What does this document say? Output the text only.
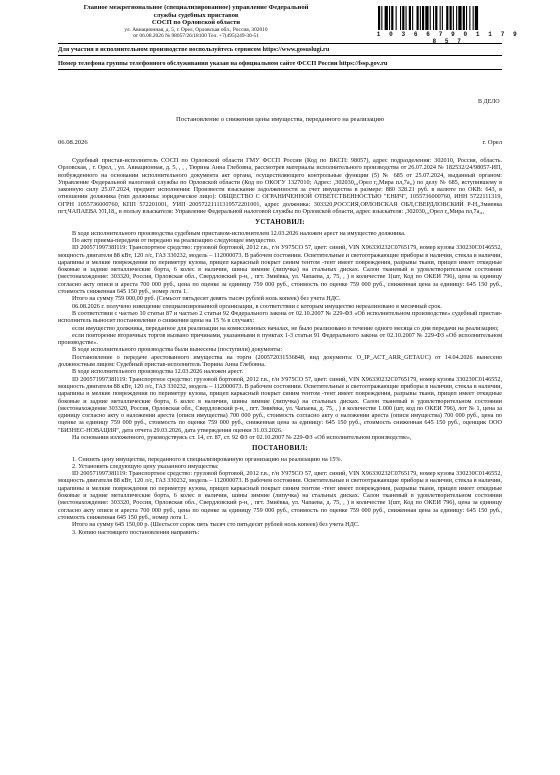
Главное межрегиональное (специализированное) управление Федеральной
службы судебных приставов
СОСП по Орловской области
ул. Авиационная, д. 5, г. Орел, Орловская обл., Россия, 302010
от 06.08.2026 № 98057/26/18100 Тел. +7(495)249-30-51	1 0 3 6 6 7 9 0 1 1 7 9 8 5 7
Для участия в исполнительном производстве воспользуйтесь сервисом https://www.gosuslugi.ru
Номер телефона группы телефонного обслуживания указан на официальном сайте ФССП России https://fssp.gov.ru
В ДЕЛО
Постановление о снижении цены имущества, переданного на реализацию
06.08.2026	г. Орел

Судебный пристав-исполнитель СОСП по Орловской области ГМУ ФССП России (Код по ВКСП: 98057), адрес подразделения: 302010, Россия, область. Орловская, , г. Орел, , ул. Авиационная, д. 5, , , , Тюрина Анна Глебовна, рассмотрев материалы исполнительного производства от 26.07.2024 № 182532/24/98057-ИП, возбужденного на основании исполнительного документа акт органа, осуществляющего контрольные функции (5) № 685 от 25.07.2024, выданный органом: Управление Федеральной налоговой службы по Орловской области (Код по ОКОГУ 1327010; Адрес: ,302030,,,Орел г,,Мира пл,7а,,) по делу № 685, вступившему в законную силу 25.07.2024, предмет исполнения: Произвести взыскание задолженности за счет имущества в размере: 880 328.21 руб. в валюте по ОКВ: 643, в отношении должника (тип должника: юридическое лицо): ОБЩЕСТВО С ОГРАНИЧЕННОЙ ОТВЕТСТВЕННОСТЬЮ "ЕНИЧ", 1055736000760, ИНН 5722111319, ОГРН 1055736000760, КПП 572201001, УИП 20057221111319572201001, адрес должника: 303320,РОССИЯ,ОРЛОВСКАЯ ОБЛ,СВЕРДЛОВСКИЙ Р-Н,,Змиевка пгт,ЧАПАЕВА УЛ,18,, в пользу взыскателя: Управление Федеральной налоговой службы по Орловской области, адрес взыскателя: ,302030,,,Орел г,,Мира пл,7а,,,

УСТАНОВИЛ:

В ходе исполнительного производства судебным приставом-исполнителем 12.03.2026 наложен арест на имущество должника.

По акту приема-передачи от передано на реализацию следующее имущество.

ID 20057199738I119: Транспортное средство: грузовой бортовой, 2012 г.в., г/н У975СО 57, цвет: синий, VIN X96330232C0765179, номер кузова 330230C0146552, мощность двигателя 88 кВт, 120 л/с, ГАЗ 330232, модель – 112000073. В рабочем состоянии. Осветительные и светоотражающие приборы в наличии, стекла в наличии, царапины и мелкие повреждения по периметру кузова, прицеп каркасный покрыт синим тентом -тент имеет повреждения, разрывы ткани, прицеп имеет откидные боковые и задние металлические борта, 6 колес в наличии, шины зимние (липучка) на стальных дисках. Салон тканевый в удовлетворительном состоянии (местонахождение: 303320, Россия, Орловская обл., Свердловский р-н, , пгт. Змиёвка, ул. Чапаева, д. 75, , ) в количестве 1(шт, Код по ОКЕИ 796), цена за единицу согласно акту описи и ареста 700 000 руб., цена по оценке за единицу 759 000 руб., стоимость по оценке 759 000 руб., сниженная цена за единицу: 645 150 руб., стоимость сниженная 645 150 руб., номер лота 1.

Итого на сумму 759 000,00 руб. (Семьсот пятьдесят девять тысяч рублей ноль копеек) без учета НДС.

06.08.2026 г. получено извещение специализированной организации, в соответствии с которым имущество нереализовано в месячный срок.

В соответствии с частью 10 статьи 87 и частью 2 статьи 92 Федерального закона от 02.10.2007 № 229-ФЗ «Об исполнительном производстве» судебный пристав-исполнитель выносит постановление о снижении цены на 15 % в случаях:

если имущество должника, переданное для реализации на комиссионных началах, не было реализовано в течение одного месяца со дня передачи на реализацию;

если повторение вторичных торгов вызвано причинами, указанными в пунктах 1-3 статьи 91 Федерального закона от 02.10.2007 № 229-ФЗ «Об исполнительном производстве».

В ходе исполнительного производства были вынесены (поступили) документы:

Постановление о передаче арестованного имущества на торги (200572031536848, вид документа: O_IP_ACT_ARR_GETAUC) от 14.04.2026 вынесено должностным лицом: Судебный пристав-исполнитель Тюрина Анна Глебовна.

В ходе исполнительного производства 12.03.2026 наложен арест.

ID 20057199738I119: Транспортное средство: грузовой бортовой, 2012 г.в., г/н У975СО 57, цвет: синий, VIN X96330232C0765179, номер кузова 330230C0146552, мощность двигателя 88 кВт, 120 л/с, ГАЗ 330232, модель – 112000073. В рабочем состоянии. Осветительные и светоотражающие приборы в наличии, стекла в наличии, царапины и мелкие повреждения по периметру кузова, прицеп каркасный покрыт синим тентом -тент имеет повреждения, разрывы ткани, прицеп имеет откидные боковые и задние металлические борта, 6 колес в наличии, шины зимние (липучка) на стальных дисках. Салон тканевый в удовлетворительном состоянии (местонахождение 303320, Россия, Орловская обл., Свердловский р-н, , пгт. Змиёвка, ул. Чапаева, д. 75, , ) в количестве 1.000 (шт, код по ОКЕИ 796), лот № 1, цена за единицу согласно акту о наложении ареста (описи имущества) 700 000 руб., стоимость согласно акту о наложении ареста (описи имущества) 700 000 руб., цена по оценке за единицу 759 000 руб., стоимость по оценке 759 000 руб., сниженная цена за единицу: 645 150 руб., стоимость сниженная 645 150 руб., оценщик ООО "БИЗНЕС-НОВАЦИЯ", дата отчета 29.03.2026, дата утверждения оценки 31.03.2026.

На основании изложенного, руководствуясь ст. 14, ст. 87, ст. 92 ФЗ от 02.10.2007 № 229-ФЗ «Об исполнительном производстве»,

ПОСТАНОВИЛ:

1. Снизить цену имущества, переданного в специализированную организацию на реализацию на 15%.

2. Установить следующую цену указанного имущества:

ID 20057199738I119: Транспортное средство: грузовой бортовой, 2012 г.в., г/н У975СО 57, цвет: синий, VIN X96330232C0765179, номер кузова 330230C0146552, мощность двигателя 88 кВт, 120 л/с, ГАЗ 330232, модель – 112000073. В рабочем состоянии. Осветительные и светоотражающие приборы в наличии, стекла в наличии, царапины и мелкие повреждения по периметру кузова, прицеп каркасный покрыт синим тентом -тент имеет повреждения, разрывы ткани, прицеп имеет откидные боковые и задние металлические борта, 6 колес в наличии, шины зимние (липучка) на стальных дисках. Салон тканевый в удовлетворительном состоянии (местонахождение: 303320, Россия, Орловская обл., Свердловский р-н, , пгт. Змиёвка, ул. Чапаева, д. 75, , ) в количестве 1(шт, Код по ОКЕИ 796), цена за единицу согласно акту описи и ареста 700 000 руб., цена по оценке за единицу 759 000 руб., стоимость по оценке 759 000 руб., сниженная цена за единицу: 645 150 руб., стоимость сниженная 645 150 руб., номер лота 1.

Итого на сумму 645 150,00 р. (Шестьсот сорок пять тысяч сто пятьдесят рублей ноль копеек) без учета НДС.

3. Копию настоящего постановления направить:
